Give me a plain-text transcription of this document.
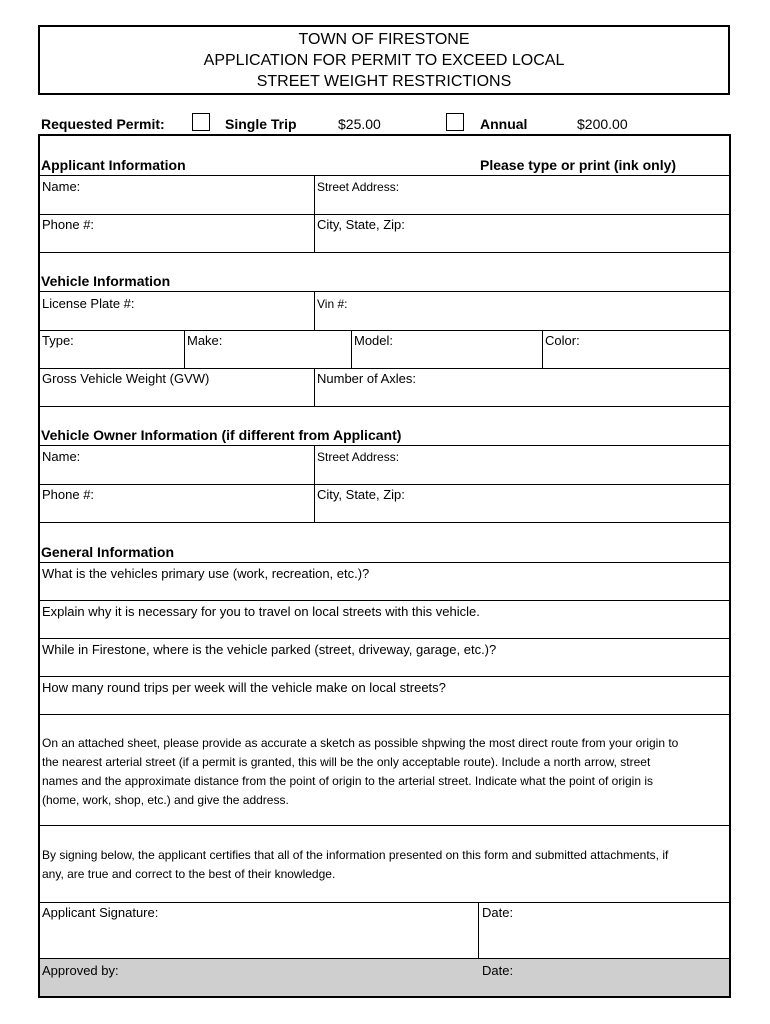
TOWN OF FIRESTONE
APPLICATION FOR PERMIT TO EXCEED LOCAL
STREET WEIGHT RESTRICTIONS
Requested Permit:	Single Trip	$25.00	Annual	$200.00
Applicant Information	Please type or print (ink only)
Name:	Street Address:
Phone #:	City, State, Zip:
Vehicle Information
License Plate #:	Vin #:
Type:	Make:	Model:	Color:
Gross Vehicle Weight (GVW)	Number of Axles:
Vehicle Owner Information (if different from Applicant)
Name:	Street Address:
Phone #:	City, State, Zip:
General Information
What is the vehicles primary use (work, recreation, etc.)?
Explain why it is necessary for you to travel on local streets with this vehicle.
While in Firestone, where is the vehicle parked (street, driveway, garage, etc.)?
How many round trips per week will the vehicle make on local streets?
On an attached sheet, please provide as accurate a sketch as possible shpwing the most direct route from your origin to
the nearest arterial street (if a permit is granted, this will be the only acceptable route). Include a north arrow, street
names and the approximate distance from the point of origin to the arterial street. Indicate what the point of origin is
(home, work, shop, etc.) and give the address.
By signing below, the applicant certifies that all of the information presented on this form and submitted attachments, if
any, are true and correct to the best of their knowledge.
Applicant Signature:	Date:
Approved by:	Date:
